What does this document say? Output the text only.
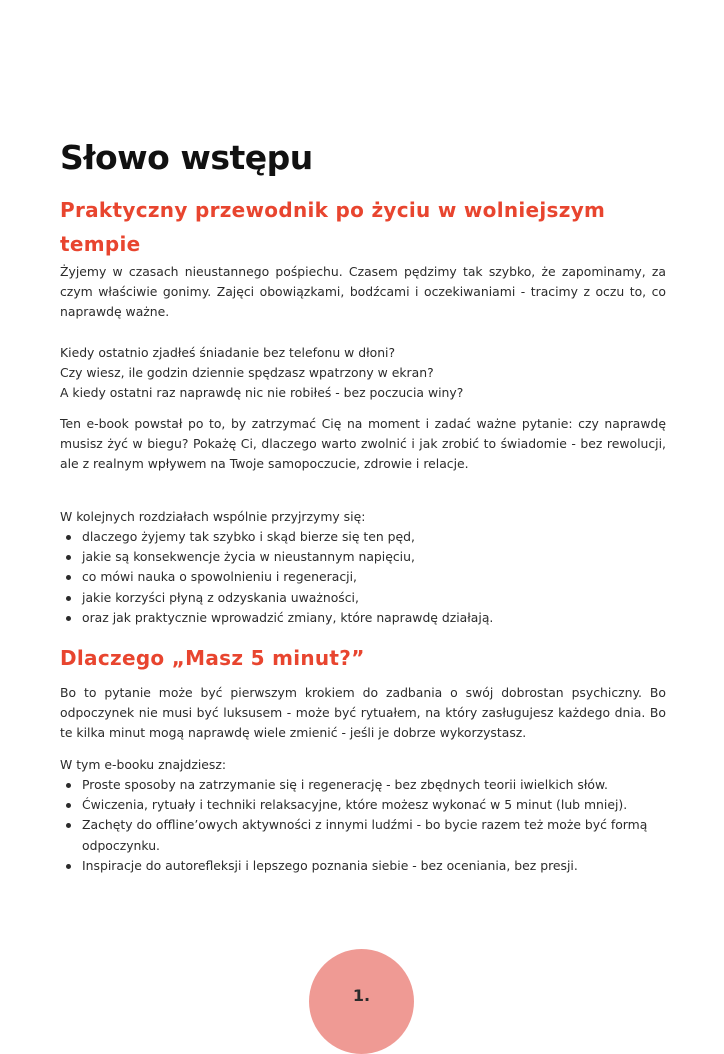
Słowo wstępu
Praktyczny przewodnik po życiu w wolniejszym tempie

Żyjemy w czasach nieustannego pośpiechu. Czasem pędzimy tak szybko, że zapominamy, za czym właściwie gonimy. Zajęci obowiązkami, bodźcami i oczekiwaniami - tracimy z oczu to, co naprawdę ważne.

Kiedy ostatnio zjadłeś śniadanie bez telefonu w dłoni?
Czy wiesz, ile godzin dziennie spędzasz wpatrzony w ekran?
A kiedy ostatni raz naprawdę nic nie robiłeś - bez poczucia winy?

Ten e-book powstał po to, by zatrzymać Cię na moment i zadać ważne pytanie: czy naprawdę musisz żyć w biegu? Pokażę Ci, dlaczego warto zwolnić i jak zrobić to świadomie - bez rewolucji, ale z realnym wpływem na Twoje samopoczucie, zdrowie i relacje.

W kolejnych rozdziałach wspólnie przyjrzymy się:

dlaczego żyjemy tak szybko i skąd bierze się ten pęd,
jakie są konsekwencje życia w nieustannym napięciu,
co mówi nauka o spowolnieniu i regeneracji,
jakie korzyści płyną z odzyskania uważności,
oraz jak praktycznie wprowadzić zmiany, które naprawdę działają.
Dlaczego „Masz 5 minut?”

Bo to pytanie może być pierwszym krokiem do zadbania o swój dobrostan psychiczny. Bo odpoczynek nie musi być luksusem - może być rytuałem, na który zasługujesz każdego dnia. Bo te kilka minut mogą naprawdę wiele zmienić - jeśli je dobrze wykorzystasz.

W tym e-booku znajdziesz:

Proste sposoby na zatrzymanie się i regenerację - bez zbędnych teorii iwielkich słów.
Ćwiczenia, rytuały i techniki relaksacyjne, które możesz wykonać w 5 minut (lub mniej).
Zachęty do offline’owych aktywności z innymi ludźmi - bo bycie razem też może być formą odpoczynku.
Inspiracje do autorefleksji i lepszego poznania siebie - bez oceniania, bez presji.
1.
